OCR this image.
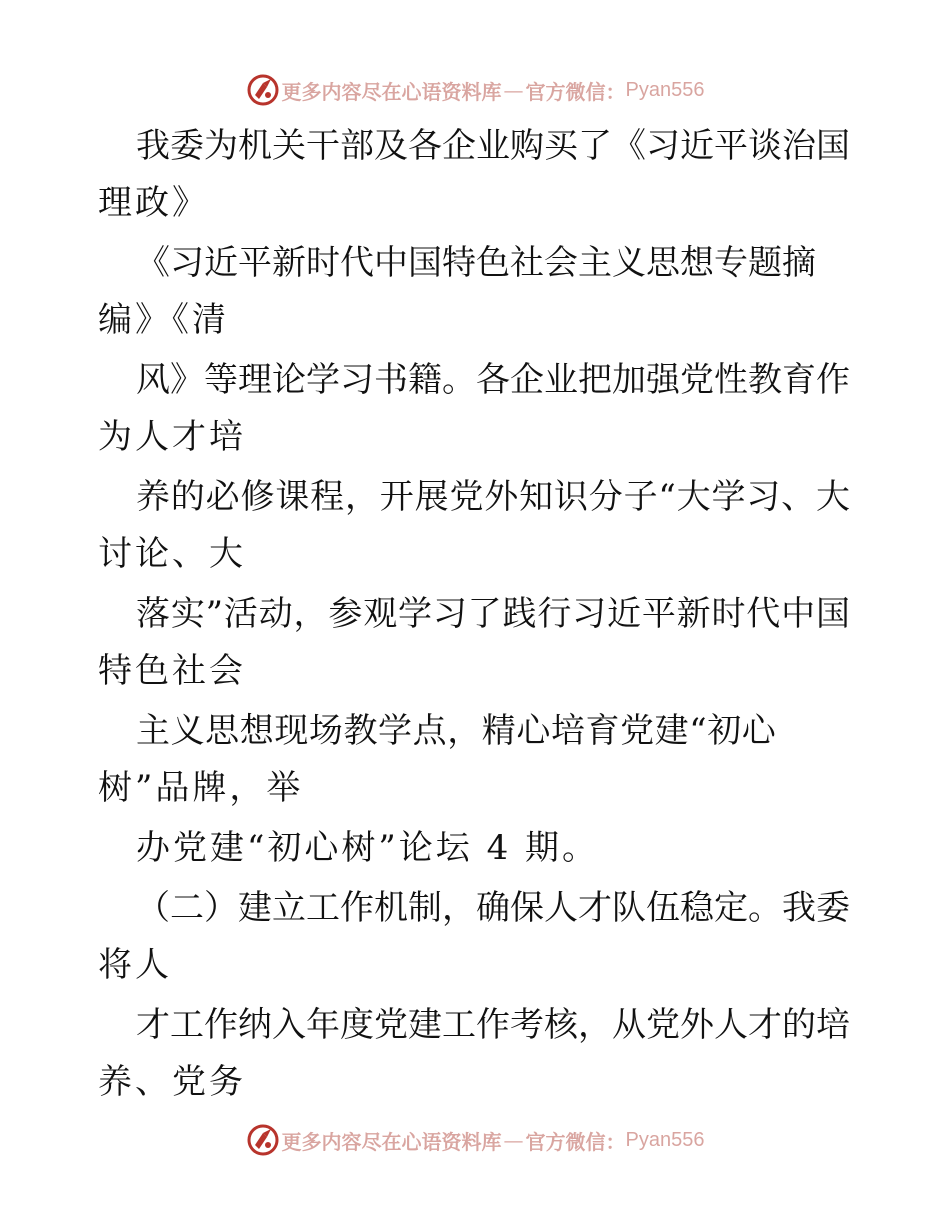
更多内容尽在心语资料库 — 官方微信： Pyan556
我 委 为 机 关 干 部 及 各 企 业 购 买 了 《 习 近 平 谈 治 国
理政》
《 习 近 平 新 时 代 中 国 特 色 社 会 主 义 思 想 专 题 摘
编》《清
风 》 等 理 论 学 习 书 籍 。 各 企 业 把 加 强 党 性 教 育 作
为人才培
养 的 必 修 课 程 ， 开 展 党 外 知 识 分 子 “ 大 学 习 、 大
讨论、大
落 实 ” 活 动 ， 参 观 学 习 了 践 行 习 近 平 新 时 代 中 国
特色社会
主 义 思 想 现 场 教 学 点 ， 精 心 培 育 党 建 “ 初 心
树”品牌，举
办党建“初心树”论坛 4 期。
（ 二 ） 建 立 工 作 机 制 ， 确 保 人 才 队 伍 稳 定 。 我 委
将人
才 工 作 纳 入 年 度 党 建 工 作 考 核 ， 从 党 外 人 才 的 培
养、党务
更多内容尽在心语资料库 — 官方微信： Pyan556
